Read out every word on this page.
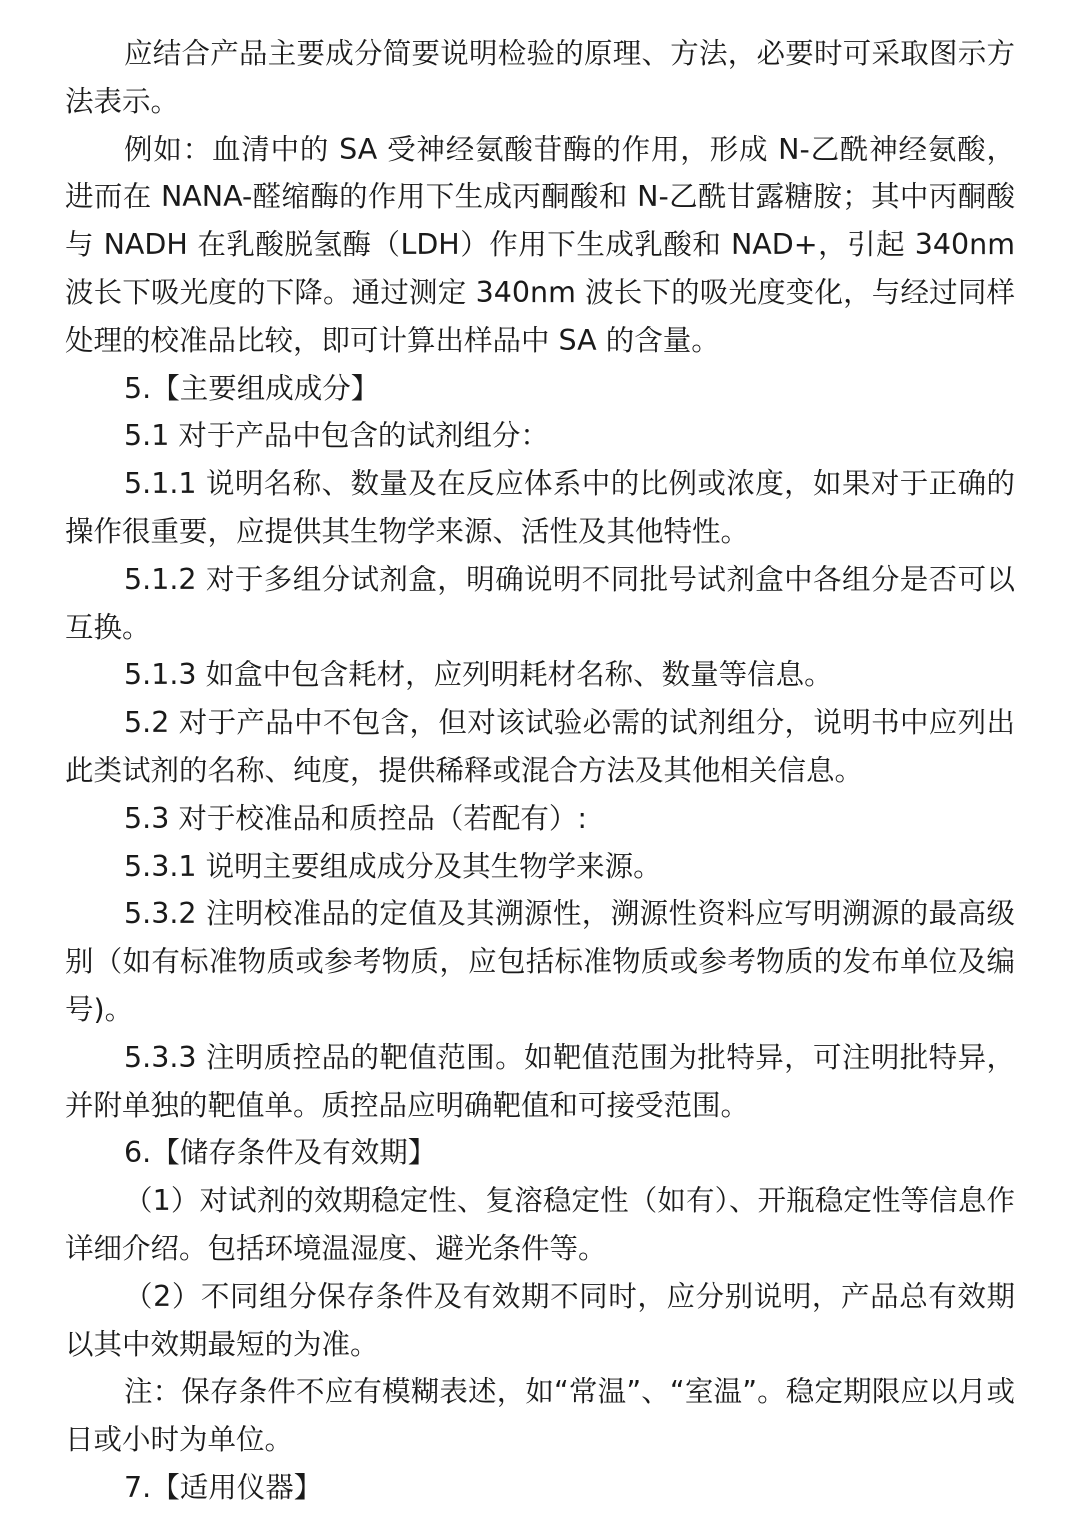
应结合产品主要成分简要说明检验的原理、方法，必要时可采取图示方法表示。

例如：血清中的 SA 受神经氨酸苷酶的作用，形成 N-乙酰神经氨酸，进而在 NANA-醛缩酶的作用下生成丙酮酸和 N-乙酰甘露糖胺；其中丙酮酸与 NADH 在乳酸脱氢酶（LDH）作用下生成乳酸和 NAD+，引起 340nm 波长下吸光度的下降。通过测定 340nm 波长下的吸光度变化，与经过同样处理的校准品比较，即可计算出样品中 SA 的含量。

5.【主要组成成分】

5.1 对于产品中包含的试剂组分：

5.1.1 说明名称、数量及在反应体系中的比例或浓度，如果对于正确的操作很重要，应提供其生物学来源、活性及其他特性。

5.1.2 对于多组分试剂盒，明确说明不同批号试剂盒中各组分是否可以互换。

5.1.3 如盒中包含耗材，应列明耗材名称、数量等信息。

5.2 对于产品中不包含，但对该试验必需的试剂组分，说明书中应列出此类试剂的名称、纯度，提供稀释或混合方法及其他相关信息。

5.3 对于校准品和质控品（若配有）:

5.3.1 说明主要组成成分及其生物学来源。

5.3.2 注明校准品的定值及其溯源性，溯源性资料应写明溯源的最高级别（如有标准物质或参考物质，应包括标准物质或参考物质的发布单位及编号)。

5.3.3 注明质控品的靶值范围。如靶值范围为批特异，可注明批特异，并附单独的靶值单。质控品应明确靶值和可接受范围。

6.【储存条件及有效期】

（1）对试剂的效期稳定性、复溶稳定性（如有）、开瓶稳定性等信息作详细介绍。包括环境温湿度、避光条件等。

（2）不同组分保存条件及有效期不同时，应分别说明，产品总有效期以其中效期最短的为准。

注：保存条件不应有模糊表述，如“常温”、“室温”。稳定期限应以月或日或小时为单位。

7.【适用仪器】
